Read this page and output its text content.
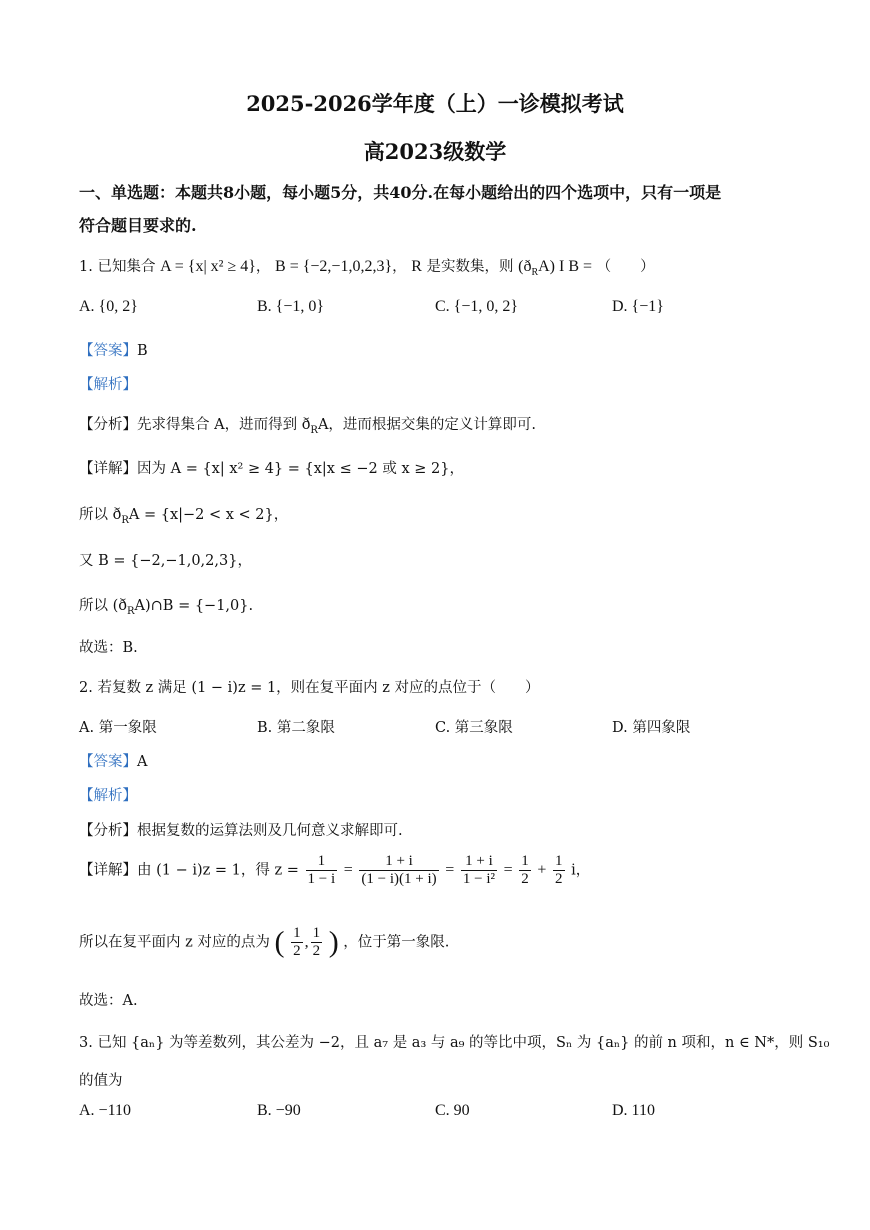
2025-2026学年度（上）一诊模拟考试
高2023级数学
一、单选题：本题共8小题，每小题5分，共40分.在每小题给出的四个选项中，只有一项是
符合题目要求的.
1. 已知集合 A = {x| x² ≥ 4}， B = {−2,−1,0,2,3}， R 是实数集，则 $(ð_RA)$ I B = （　　）
A. {0, 2}	B. {−1, 0}	C. {−1, 0, 2}	D. {−1}
【答案】B
【解析】
【分析】先求得集合 A，进而得到 $ð_RA$，进而根据交集的定义计算即可.
【详解】因为 A = {x| x² ≥ 4} = {x|x ≤ −2 或 x ≥ 2}，
所以 $ð_RA = \{x|-2 < x < 2\}$，
又 B = {−2,−1,0,2,3}，
所以 $(ð_RA)\cap B = \{-1,0\}$.
故选：B.
2. 若复数 z 满足 (1 − i)z = 1，则在复平面内 z 对应的点位于（　　）
A. 第一象限	B. 第二象限	C. 第三象限	D. 第四象限
【答案】A
【解析】
【分析】根据复数的运算法则及几何意义求解即可.
【详解】由 (1 − i)z = 1，得 $z = \frac{1}{1 - i} = \frac{1 + i}{(1 - i)(1 + i)} = \frac{1 + i}{\text{1 − i²}} = \frac{1}{2} + \frac{1}{2}$ i，
所以在复平面内 z 对应的点为 ( $\frac{1}{2}$ , $\frac{1}{2}$ ) ，位于第一象限.
故选：A.
3. 已知 {aₙ} 为等差数列，其公差为 −2，且 a₇ 是 a₃ 与 a₉ 的等比中项，Sₙ 为 {aₙ} 的前 n 项和，n ∈ N*，则 S₁₀
的值为
A. −110	B. −90	C. 90	D. 110
